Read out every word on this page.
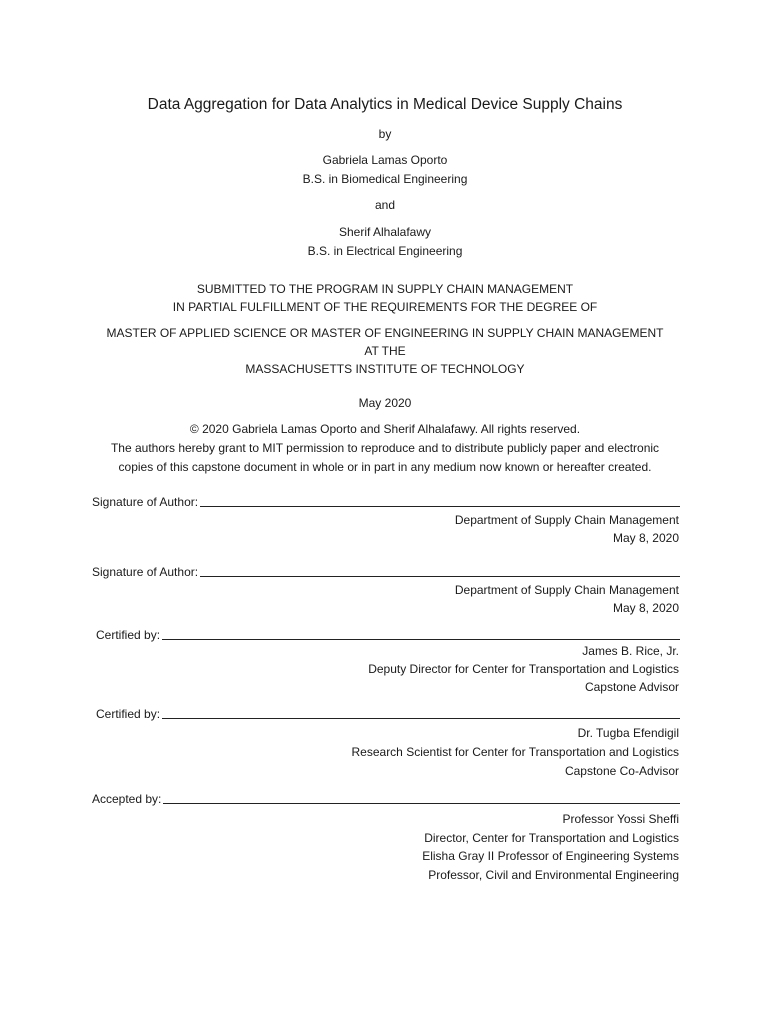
Data Aggregation for Data Analytics in Medical Device Supply Chains
by
Gabriela Lamas Oporto
B.S. in Biomedical Engineering
and
Sherif Alhalafawy
B.S. in Electrical Engineering
SUBMITTED TO THE PROGRAM IN SUPPLY CHAIN MANAGEMENT
IN PARTIAL FULFILLMENT OF THE REQUIREMENTS FOR THE DEGREE OF
MASTER OF APPLIED SCIENCE OR MASTER OF ENGINEERING IN SUPPLY CHAIN MANAGEMENT
AT THE
MASSACHUSETTS INSTITUTE OF TECHNOLOGY
May 2020
© 2020 Gabriela Lamas Oporto and Sherif Alhalafawy. All rights reserved.
The authors hereby grant to MIT permission to reproduce and to distribute publicly paper and electronic
copies of this capstone document in whole or in part in any medium now known or hereafter created.
Signature of Author:
Department of Supply Chain Management
May 8, 2020
Signature of Author:
Department of Supply Chain Management
May 8, 2020
Certified by:
James B. Rice, Jr.
Deputy Director for Center for Transportation and Logistics
Capstone Advisor
Certified by:
Dr. Tugba Efendigil
Research Scientist for Center for Transportation and Logistics
Capstone Co-Advisor
Accepted by:
Professor Yossi Sheffi
Director, Center for Transportation and Logistics
Elisha Gray II Professor of Engineering Systems
Professor, Civil and Environmental Engineering
